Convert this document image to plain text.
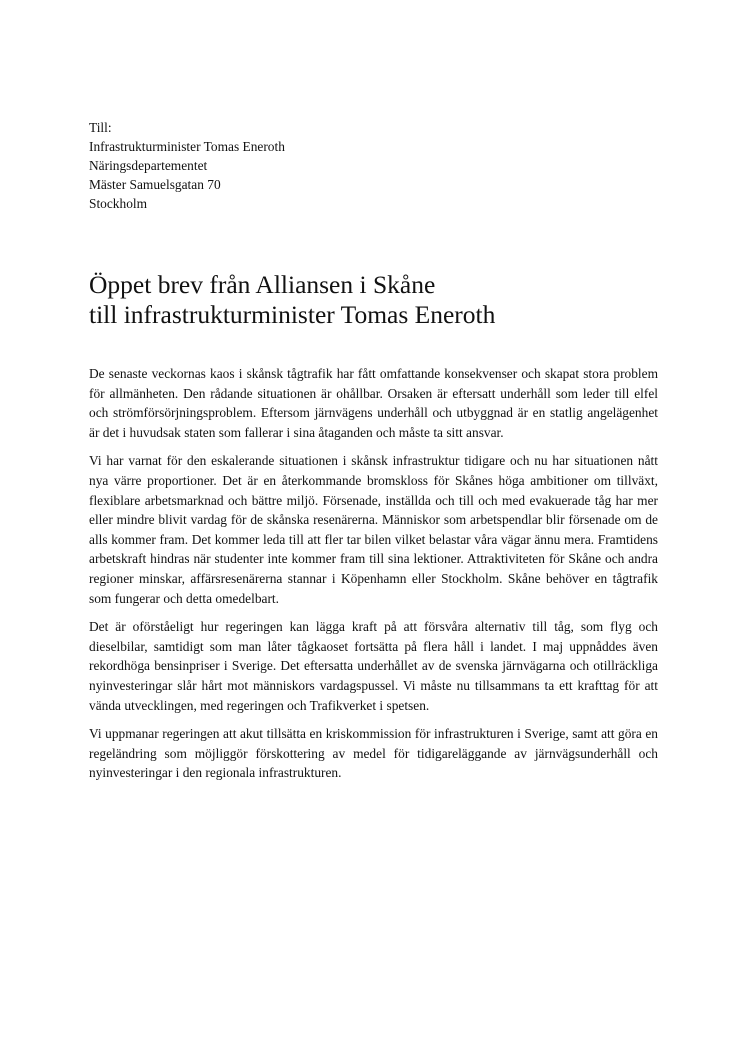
Till:
Infrastrukturminister Tomas Eneroth
Näringsdepartementet
Mäster Samuelsgatan 70
Stockholm
Öppet brev från Alliansen i Skåne
till infrastrukturminister Tomas Eneroth

De senaste veckornas kaos i skånsk tågtrafik har fått omfattande konsekvenser och skapat stora problem för allmänheten. Den rådande situationen är ohållbar. Orsaken är eftersatt underhåll som leder till elfel och strömförsörjningsproblem. Eftersom järnvägens underhåll och utbyggnad är en statlig angelägenhet är det i huvudsak staten som fallerar i sina åtaganden och måste ta sitt ansvar.

Vi har varnat för den eskalerande situationen i skånsk infrastruktur tidigare och nu har situationen nått nya värre proportioner. Det är en återkommande bromskloss för Skånes höga ambitioner om tillväxt, flexiblare arbetsmarknad och bättre miljö. Försenade, inställda och till och med evakuerade tåg har mer eller mindre blivit vardag för de skånska resenärerna. Människor som arbetspendlar blir försenade om de alls kommer fram. Det kommer leda till att fler tar bilen vilket belastar våra vägar ännu mera. Framtidens arbetskraft hindras när studenter inte kommer fram till sina lektioner. Attraktiviteten för Skåne och andra regioner minskar, affärsresenärerna stannar i Köpenhamn eller Stockholm. Skåne behöver en tågtrafik som fungerar och detta omedelbart.

Det är oförståeligt hur regeringen kan lägga kraft på att försvåra alternativ till tåg, som flyg och dieselbilar, samtidigt som man låter tågkaoset fortsätta på flera håll i landet. I maj uppnåddes även rekordhöga bensinpriser i Sverige. Det eftersatta underhållet av de svenska järnvägarna och otillräckliga nyinvesteringar slår hårt mot människors vardagspussel. Vi måste nu tillsammans ta ett krafttag för att vända utvecklingen, med regeringen och Trafikverket i spetsen.

Vi uppmanar regeringen att akut tillsätta en kriskommission för infrastrukturen i Sverige, samt att göra en regeländring som möjliggör förskottering av medel för tidigareläggande av järnvägsunderhåll och nyinvesteringar i den regionala infrastrukturen.
